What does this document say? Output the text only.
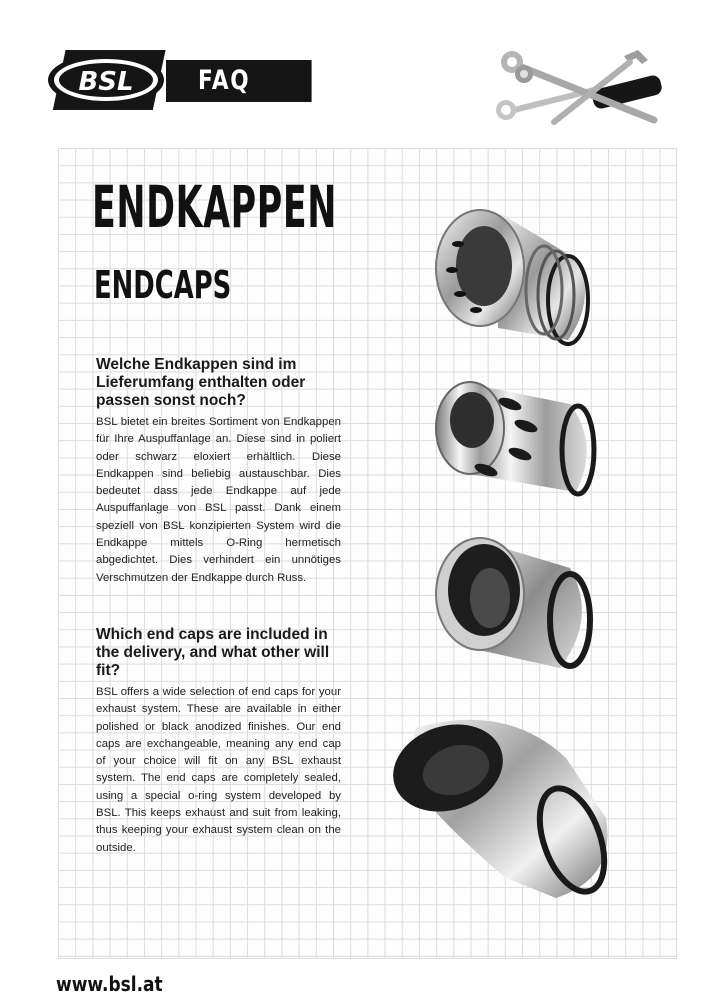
BSL	FAQ
ENDKAPPEN
ENDCAPS

Welche Endkappen sind im Lieferumfang enthalten oder passen sonst noch?

BSL bietet ein breites Sortiment von Endkappen für Ihre Auspuffanlage an. Diese sind in poliert oder schwarz eloxiert erhältlich. Diese Endkappen sind beliebig austauschbar. Dies bedeutet dass jede Endkappe auf jede Auspuffanlage von BSL passt. Dank einem speziell von BSL konzipierten System wird die Endkappe mittels O-Ring hermetisch abgedichtet. Dies verhindert ein unnötiges Verschmutzen der Endkappe durch Russ.

Which end caps are included in the delivery, and what other will fit?

BSL offers a wide selection of end caps for your exhaust system. These are available in either polished or black anodized finishes. Our end caps are exchangeable, meaning any end cap of your choice will fit on any BSL exhaust system. The end caps are completely sealed, using a special o-ring system developed by BSL. This keeps exhaust and suit from leaking, thus keeping your exhaust system clean on the outside.

www.bsl.at
